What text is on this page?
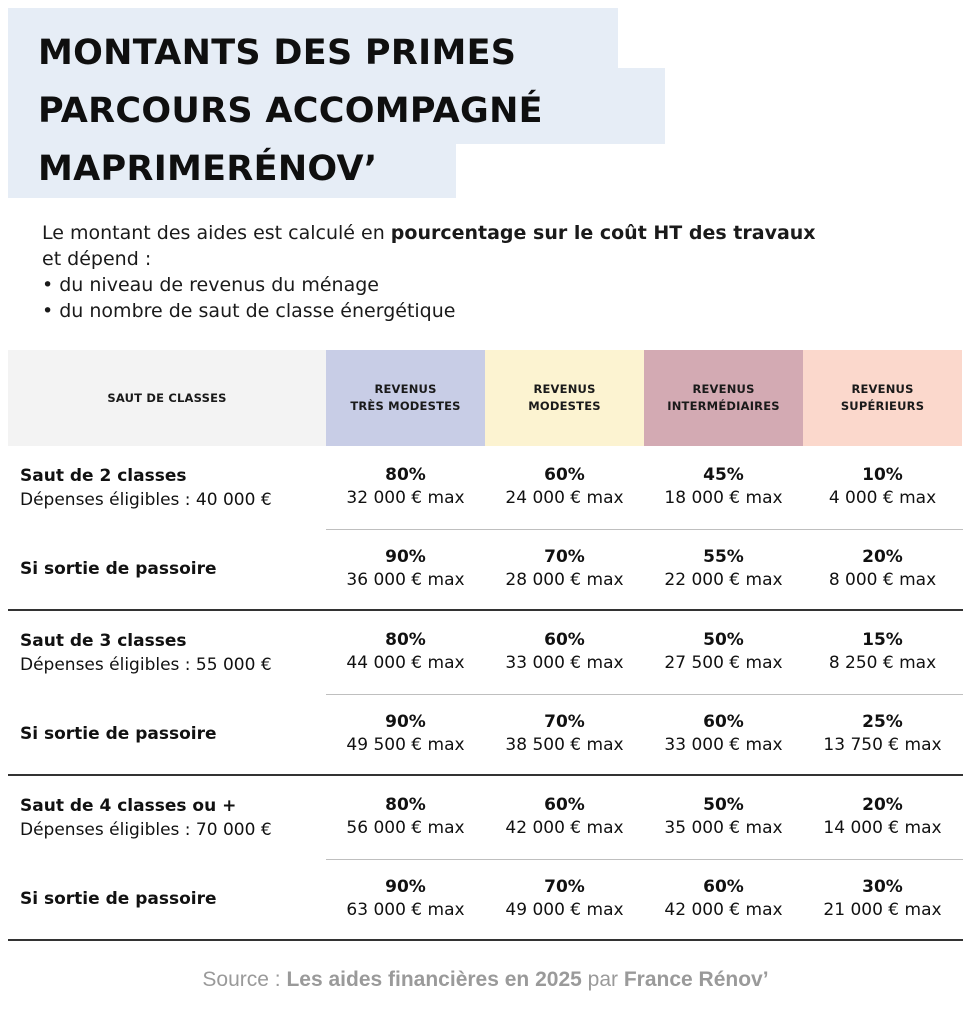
MONTANTS DES PRIMES
PARCOURS ACCOMPAGNÉ
MAPRIMERÉNOV’

Le montant des aides est calculé en pourcentage sur le coût HT des travaux

et dépend :

• du niveau de revenus du ménage

• du nombre de saut de classe énergétique

SAUT DE CLASSES
REVENUS
TRÈS MODESTES
REVENUS
MODESTES
REVENUS
INTERMÉDIAIRES
REVENUS
SUPÉRIEURS
Saut de 2 classes
Dépenses éligibles : 40 000 €
80%
32 000 € max
60%
24 000 € max
45%
18 000 € max
10%
4 000 € max
Si sortie de passoire
90%
36 000 € max
70%
28 000 € max
55%
22 000 € max
20%
8 000 € max
Saut de 3 classes
Dépenses éligibles : 55 000 €
80%
44 000 € max
60%
33 000 € max
50%
27 500 € max
15%
8 250 € max
Si sortie de passoire
90%
49 500 € max
70%
38 500 € max
60%
33 000 € max
25%
13 750 € max
Saut de 4 classes ou +
Dépenses éligibles : 70 000 €
80%
56 000 € max
60%
42 000 € max
50%
35 000 € max
20%
14 000 € max
Si sortie de passoire
90%
63 000 € max
70%
49 000 € max
60%
42 000 € max
30%
21 000 € max
Source : Les aides financières en 2025 par France Rénov’
